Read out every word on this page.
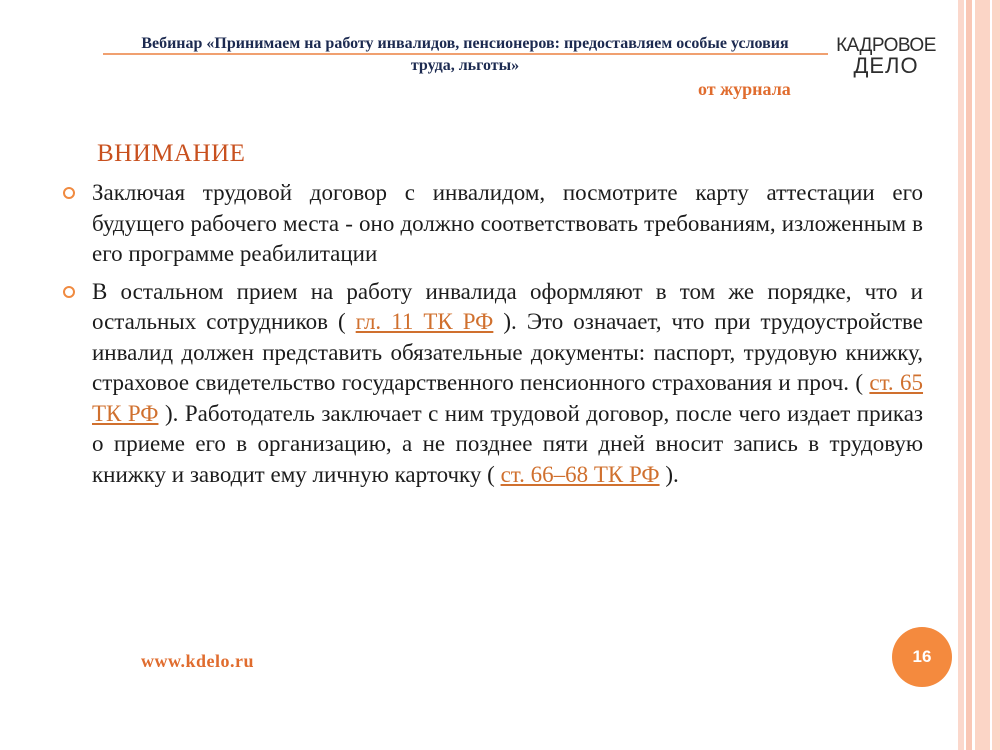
Вебинар «Принимаем на работу инвалидов, пенсионеров: предоставляем особые условия труда, льготы»
КАДРОВОЕ
ДЕЛО
от журнала
ВНИМАНИЕ
Заключая трудовой договор с инвалидом, посмотрите карту аттестации его будущего рабочего места - оно должно соответствовать требованиям, изложенным в его программе реабилитации
В остальном прием на работу инвалида оформляют в том же порядке, что и остальных сотрудников ( гл. 11 ТК РФ ). Это означает, что при трудоустройстве инвалид должен представить обязательные документы: паспорт, трудовую книжку, страховое свидетельство государственного пенсионного страхования и проч. ( ст. 65 ТК РФ ). Работодатель заключает с ним трудовой договор, после чего издает приказ о приеме его в организацию, а не позднее пяти дней вносит запись в трудовую книжку и заводит ему личную карточку ( ст. 66–68 ТК РФ ).
www.kdelo.ru	16
